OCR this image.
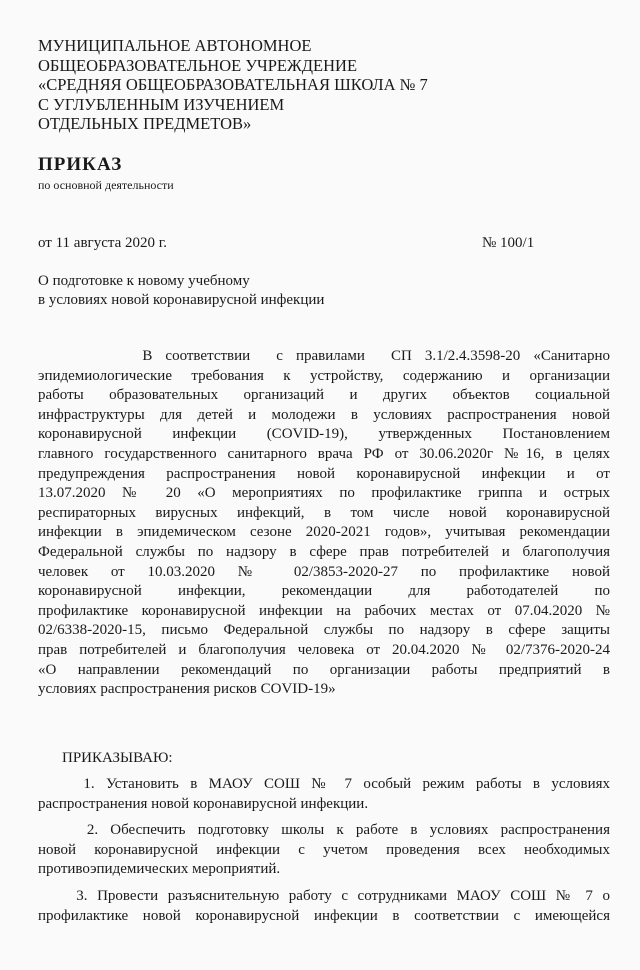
МУНИЦИПАЛЬНОЕ АВТОНОМНОЕ
ОБЩЕОБРАЗОВАТЕЛЬНОЕ УЧРЕЖДЕНИЕ
«СРЕДНЯЯ ОБЩЕОБРАЗОВАТЕЛЬНАЯ ШКОЛА № 7
С УГЛУБЛЕННЫМ ИЗУЧЕНИЕМ
ОТДЕЛЬНЫХ ПРЕДМЕТОВ»
ПРИКАЗ
по основной деятельности
от 11 августа 2020 г.	№ 100/1
О подготовке к новому учебному
в условиях новой коронавирусной инфекции
В соответствии  с правилами  СП 3.1/2.4.3598-20 «Санитарно
эпидемиологические требования к устройству, содержанию и организации
работы образовательных организаций и других объектов социальной
инфраструктуры для детей и молодежи в условиях распространения новой
коронавирусной инфекции (COVID-19), утвержденных Постановлением
главного государственного санитарного врача РФ от 30.06.2020г №16, в целях
предупреждения распространения новой коронавирусной инфекции и от
13.07.2020 № 20 «О мероприятиях по профилактике гриппа и острых
респираторных вирусных инфекций, в том числе новой коронавирусной
инфекции в эпидемическом сезоне 2020-2021 годов», учитывая рекомендации
Федеральной службы по надзору в сфере прав потребителей и благополучия
человек от 10.03.2020 № 02/3853-2020-27 по профилактике новой
коронавирусной инфекции, рекомендации для работодателей по
профилактике коронавирусной инфекции на рабочих местах от 07.04.2020 №
02/6338-2020-15, письмо Федеральной службы по надзору в сфере защиты
прав потребителей и благополучия человека от 20.04.2020 № 02/7376-2020-24
«О направлении рекомендаций по организации работы предприятий в
условиях распространения рисков COVID-19»
ПРИКАЗЫВАЮ:
1. Установить в МАОУ СОШ № 7 особый режим работы в условиях
распространения новой коронавирусной инфекции.
2. Обеспечить подготовку школы к работе в условиях распространения
новой коронавирусной инфекции с учетом проведения всех необходимых
противоэпидемических мероприятий.
3. Провести разъяснительную работу с сотрудниками МАОУ СОШ № 7 о
профилактике новой коронавирусной инфекции в соответствии с имеющейся
